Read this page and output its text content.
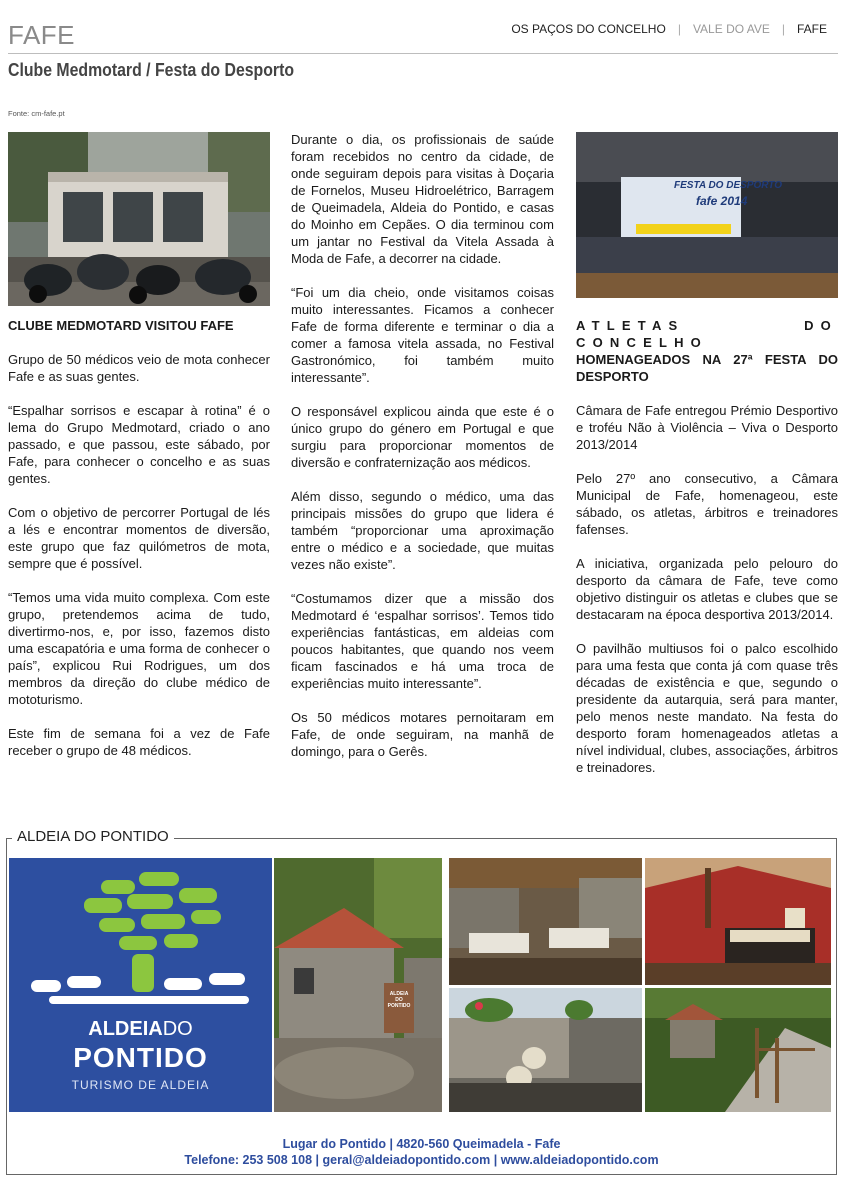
FAFE	OS PAÇOS DO CONCELHO | VALE DO AVE | FAFE
Clube Medmotard / Festa do Desporto
Fonte: cm-fafe.pt
FESTA DO DESPORTO
fafe 2014

CLUBE MEDMOTARD VISITOU FAFE

Grupo de 50 médicos veio de mota conhecer Fafe e as suas gentes.

“Espalhar sorrisos e escapar à rotina” é o lema do Grupo Medmotard, criado o ano passado, e que passou, este sábado, por Fafe, para conhecer o concelho e as suas gentes.

Com o objetivo de percorrer Portugal de lés a lés e encontrar momentos de diversão, este grupo que faz quilómetros de mota, sempre que é possível.

“Temos uma vida muito complexa. Com este grupo, pretendemos acima de tudo, divertirmo-nos, e, por isso, fazemos disto uma escapatória e uma forma de conhecer o país”, explicou Rui Rodrigues, um dos membros da direção do clube médico de mototurismo.

Este fim de semana foi a vez de Fafe receber o grupo de 48 médicos.

Durante o dia, os profissionais de saúde foram recebidos no centro da cidade, de onde seguiram depois para visitas à Doçaria de Fornelos, Museu Hidroelétrico, Barragem de Queimadela, Aldeia do Pontido, e casas do Moinho em Cepães. O dia terminou com um jantar no Festival da Vitela Assada à Moda de Fafe, a decorrer na cidade.

“Foi um dia cheio, onde visitamos coisas muito interessantes. Ficamos a conhecer Fafe de forma diferente e terminar o dia a comer a famosa vitela assada, no Festival Gastronómico, foi também muito interessante”.

O responsável explicou ainda que este é o único grupo do género em Portugal e que surgiu para proporcionar momentos de diversão e confraternização aos médicos.

Além disso, segundo o médico, uma das principais missões do grupo que lidera é também “proporcionar uma aproximação entre o médico e a sociedade, que muitas vezes não existe”.

“Costumamos dizer que a missão dos Medmotard é ‘espalhar sorrisos’. Temos tido experiências fantásticas, em aldeias com poucos habitantes, que quando nos veem ficam fascinados e há uma troca de experiências muito interessante”.

Os 50 médicos motares pernoitaram em Fafe, de onde seguiram, na manhã de domingo, para o Gerês.

ATLETAS DO CONCELHO
HOMENAGEADOS NA 27ª FESTA DO DESPORTO

Câmara de Fafe entregou Prémio Desportivo e troféu Não à Violência – Viva o Desporto 2013/2014

Pelo 27º ano consecutivo, a Câmara Municipal de Fafe, homenageou, este sábado, os atletas, árbitros e treinadores fafenses.

A iniciativa, organizada pelo pelouro do desporto da câmara de Fafe, teve como objetivo distinguir os atletas e clubes que se destacaram na época desportiva 2013/2014.

O pavilhão multiusos foi o palco escolhido para uma festa que conta já com quase três décadas de existência e que, segundo o presidente da autarquia, será para manter, pelo menos neste mandato. Na festa do desporto foram homenageados atletas a nível individual, clubes, associações, árbitros e treinadores.

ALDEIA DO PONTIDO
ALDEIADO
PONTIDO
TURISMO DE ALDEIA
ALDEIA DO PONTIDO
Lugar do Pontido | 4820-560 Queimadela - Fafe
Telefone: 253 508 108 | geral@aldeiadopontido.com | www.aldeiadopontido.com
